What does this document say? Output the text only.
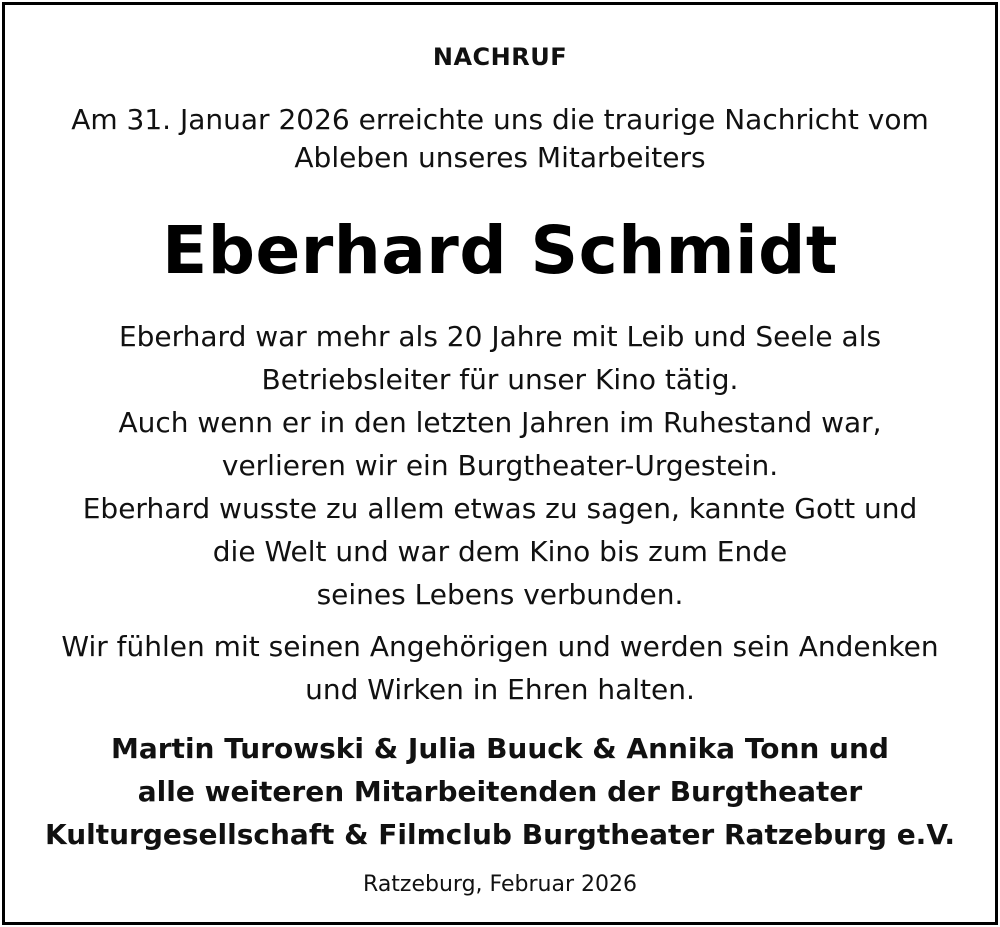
NACHRUF
Am 31. Januar 2026 erreichte uns die traurige Nachricht vom
Ableben unseres Mitarbeiters
Eberhard Schmidt
Eberhard war mehr als 20 Jahre mit Leib und Seele als
Betriebsleiter für unser Kino tätig.
Auch wenn er in den letzten Jahren im Ruhestand war,
verlieren wir ein Burgtheater-Urgestein.
Eberhard wusste zu allem etwas zu sagen, kannte Gott und
die Welt und war dem Kino bis zum Ende
seines Lebens verbunden.
Wir fühlen mit seinen Angehörigen und werden sein Andenken
und Wirken in Ehren halten.
Martin Turowski & Julia Buuck & Annika Tonn und
alle weiteren Mitarbeitenden der Burgtheater
Kulturgesellschaft & Filmclub Burgtheater Ratzeburg e.V.
Ratzeburg, Februar 2026
